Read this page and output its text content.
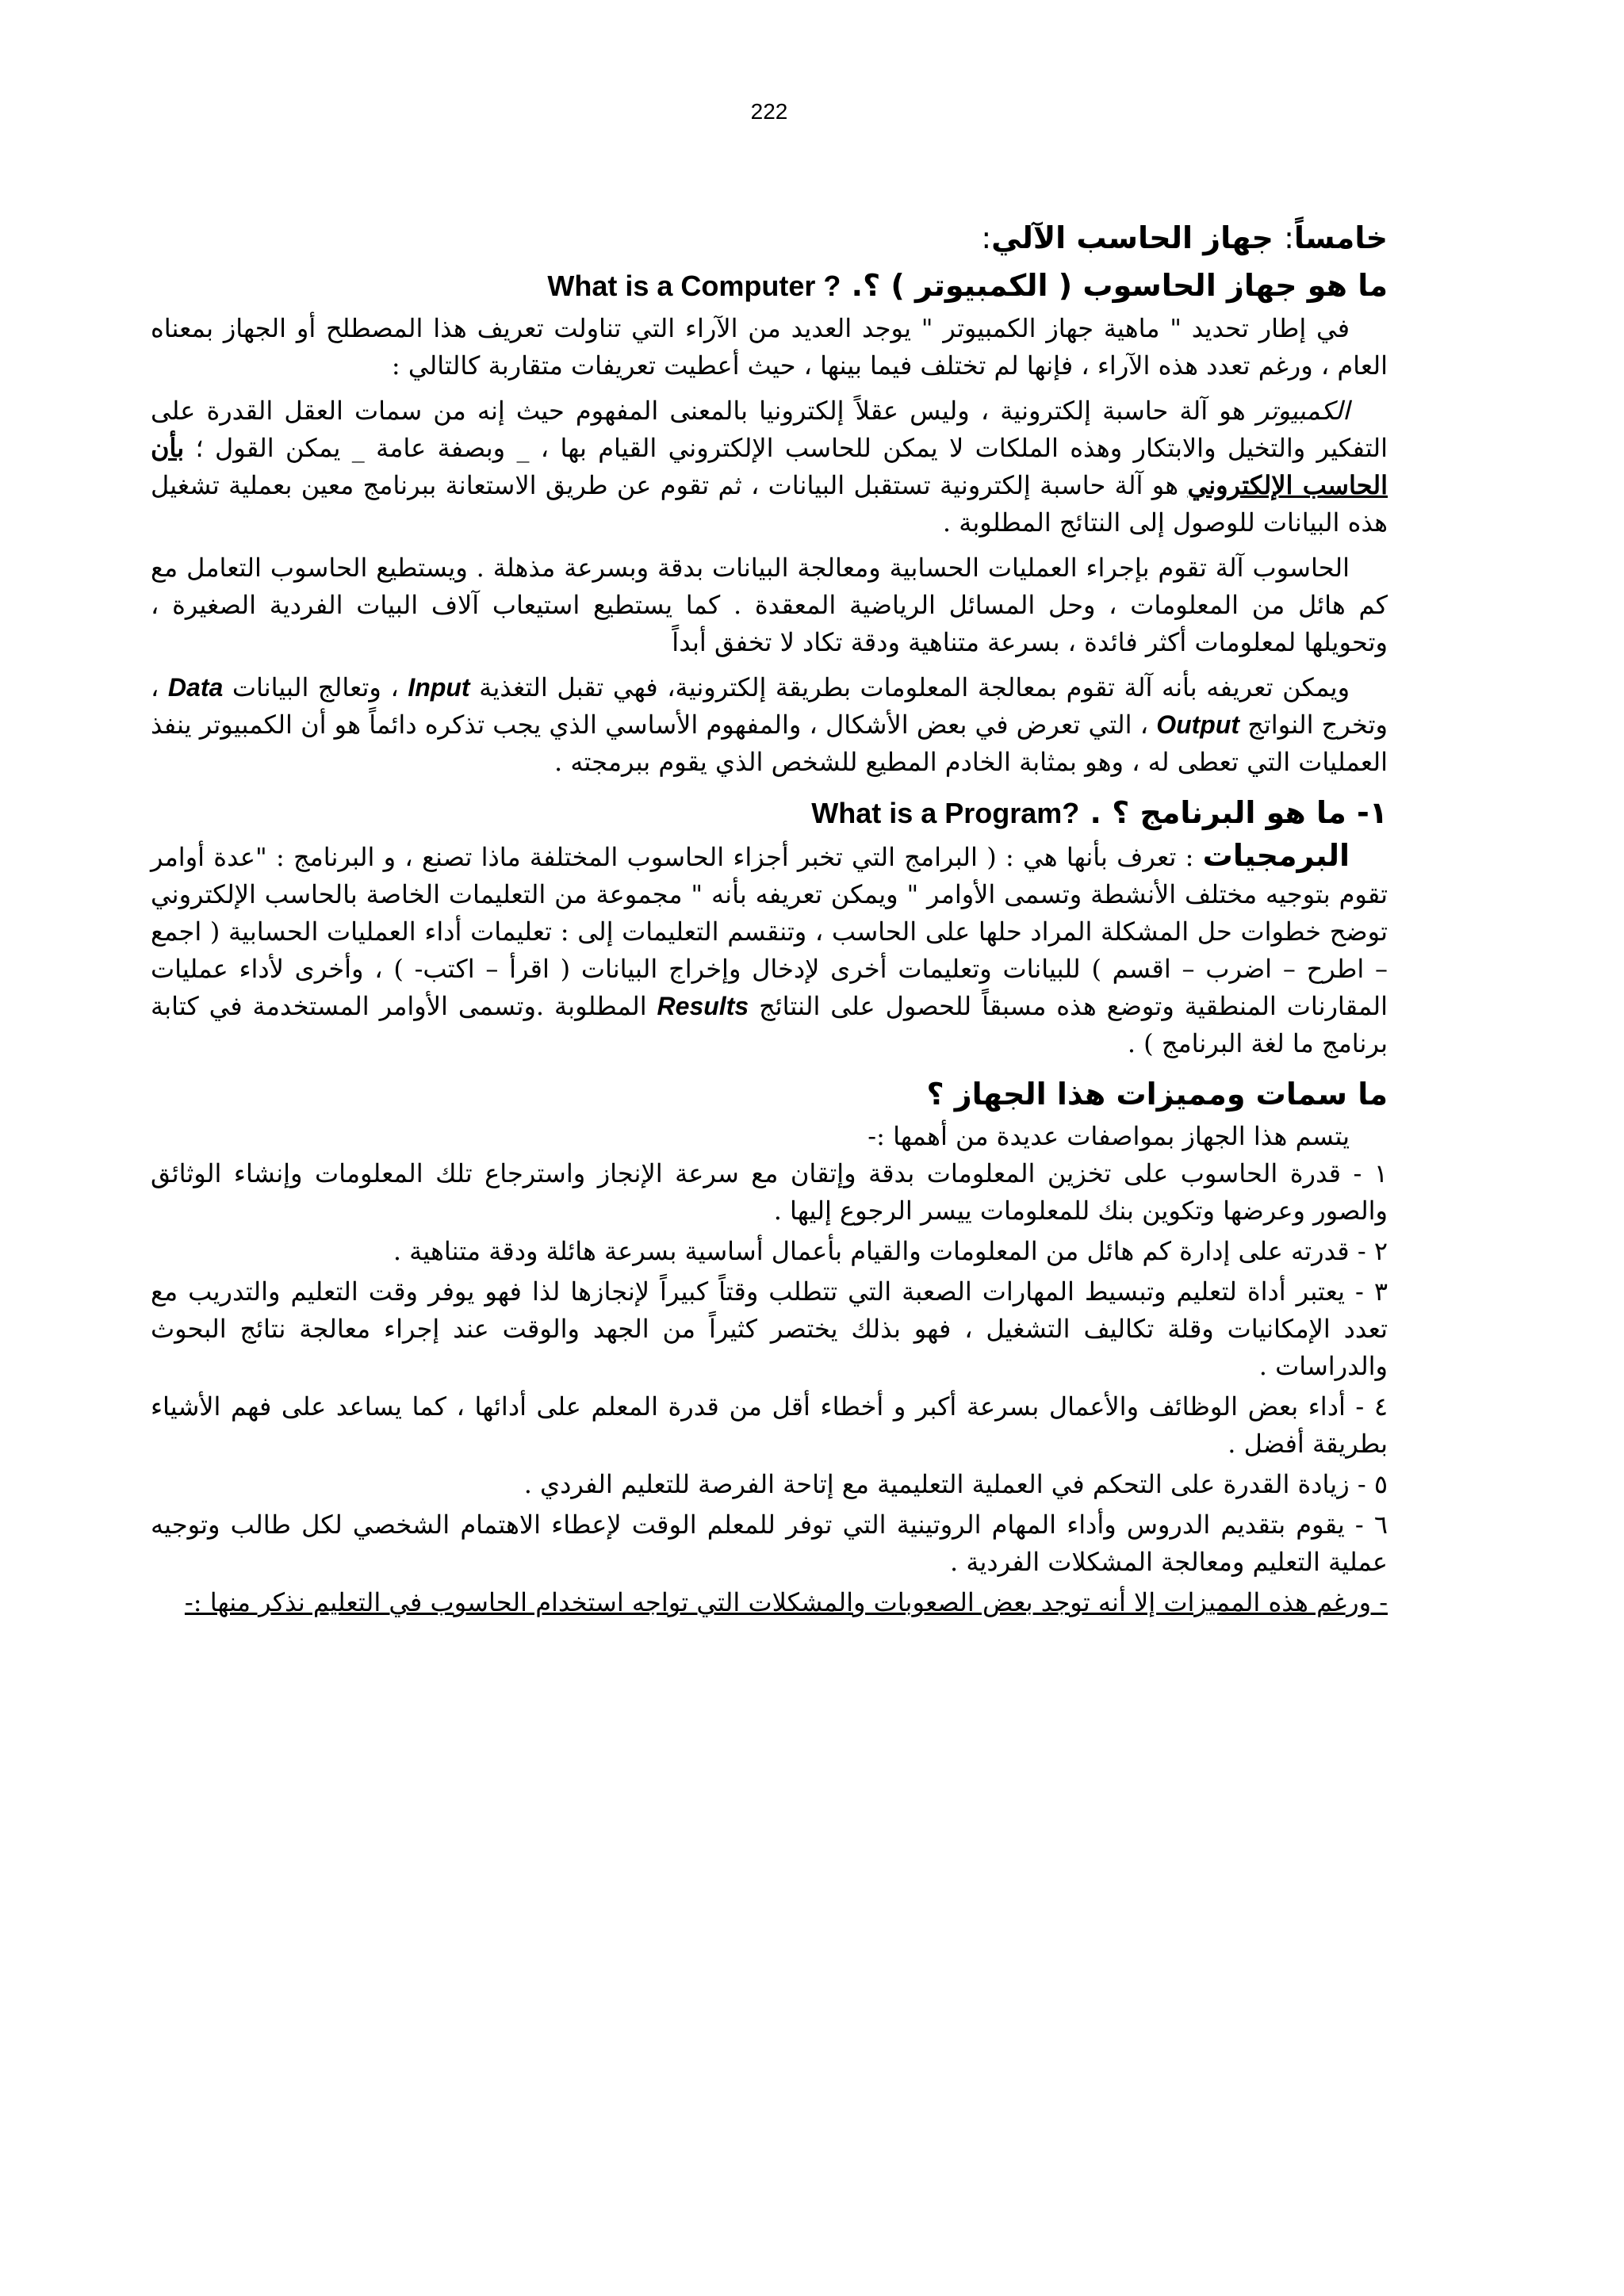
222
خامساً: جهاز الحاسب الآلي:
ما هو جهاز الحاسوب ( الكمبيوتر ) ؟. What is a Computer ?

في إطار تحديد " ماهية جهاز الكمبيوتر " يوجد العديد من الآراء التي تناولت تعريف هذا المصطلح أو الجهاز بمعناه العام ، ورغم تعدد هذه الآراء ، فإنها لم تختلف فيما بينها ، حيث أعطيت تعريفات متقاربة كالتالي :

الكمبيوتر هو آلة حاسبة إلكترونية ، وليس عقلاً إلكترونيا بالمعنى المفهوم حيث إنه من سمات العقل القدرة على التفكير والتخيل والابتكار وهذه الملكات لا يمكن للحاسب الإلكتروني القيام بها ، _ وبصفة عامة _ يمكن القول ؛ بأن الحاسب الإلكتروني هو آلة حاسبة إلكترونية تستقبل البيانات ، ثم تقوم عن طريق الاستعانة ببرنامج معين بعملية تشغيل هذه البيانات للوصول إلى النتائج المطلوبة .

الحاسوب آلة تقوم بإجراء العمليات الحسابية ومعالجة البيانات بدقة وبسرعة مذهلة . ويستطيع الحاسوب التعامل مع كم هائل من المعلومات ، وحل المسائل الرياضية المعقدة . كما يستطيع استيعاب آلاف البيات الفردية الصغيرة ، وتحويلها لمعلومات أكثر فائدة ، بسرعة متناهية ودقة تكاد لا تخفق أبداً

ويمكن تعريفه بأنه آلة تقوم بمعالجة المعلومات بطريقة إلكترونية، فهي تقبل التغذية Input ، وتعالج البيانات Data ، وتخرج النواتج Output ، التي تعرض في بعض الأشكال ، والمفهوم الأساسي الذي يجب تذكره دائماً هو أن الكمبيوتر ينفذ العمليات التي تعطى له ، وهو بمثابة الخادم المطيع للشخص الذي يقوم ببرمجته .

١- ما هو البرنامج ؟ . What is a Program?

البرمجيات : تعرف بأنها هي : ( البرامج التي تخبر أجزاء الحاسوب المختلفة ماذا تصنع ، و البرنامج : "عدة أوامر تقوم بتوجيه مختلف الأنشطة وتسمى الأوامر " ويمكن تعريفه بأنه " مجموعة من التعليمات الخاصة بالحاسب الإلكتروني توضح خطوات حل المشكلة المراد حلها على الحاسب ، وتنقسم التعليمات إلى : تعليمات أداء العمليات الحسابية ( اجمع – اطرح – اضرب – اقسم ) للبيانات وتعليمات أخرى لإدخال وإخراج البيانات ( اقرأ – اكتب- ) ، وأخرى لأداء عمليات المقارنات المنطقية وتوضع هذه مسبقاً للحصول على النتائج Results المطلوبة .وتسمى الأوامر المستخدمة في كتابة برنامج ما لغة البرنامج ) .

ما سمات ومميزات هذا الجهاز ؟

يتسم هذا الجهاز بمواصفات عديدة من أهمها :-

١ - قدرة الحاسوب على تخزين المعلومات بدقة وإتقان مع سرعة الإنجاز واسترجاع تلك المعلومات وإنشاء الوثائق والصور وعرضها وتكوين بنك للمعلومات ييسر الرجوع إليها .

٢ - قدرته على إدارة كم هائل من المعلومات والقيام بأعمال أساسية بسرعة هائلة ودقة متناهية .

٣ - يعتبر أداة لتعليم وتبسيط المهارات الصعبة التي تتطلب وقتاً كبيراً لإنجازها لذا فهو يوفر وقت التعليم والتدريب مع تعدد الإمكانيات وقلة تكاليف التشغيل ، فهو بذلك يختصر كثيراً من الجهد والوقت عند إجراء معالجة نتائج البحوث والدراسات .

٤ - أداء بعض الوظائف والأعمال بسرعة أكبر و أخطاء أقل من قدرة المعلم على أدائها ، كما يساعد على فهم الأشياء بطريقة أفضل .

٥ - زيادة القدرة على التحكم في العملية التعليمية مع إتاحة الفرصة للتعليم الفردي .

٦ - يقوم بتقديم الدروس وأداء المهام الروتينية التي توفر للمعلم الوقت لإعطاء الاهتمام الشخصي لكل طالب وتوجيه عملية التعليم ومعالجة المشكلات الفردية .

- ورغم هذه المميزات إلا أنه توجد بعض الصعوبات والمشكلات التي تواجه استخدام الحاسوب في التعليم نذكر منها :-
